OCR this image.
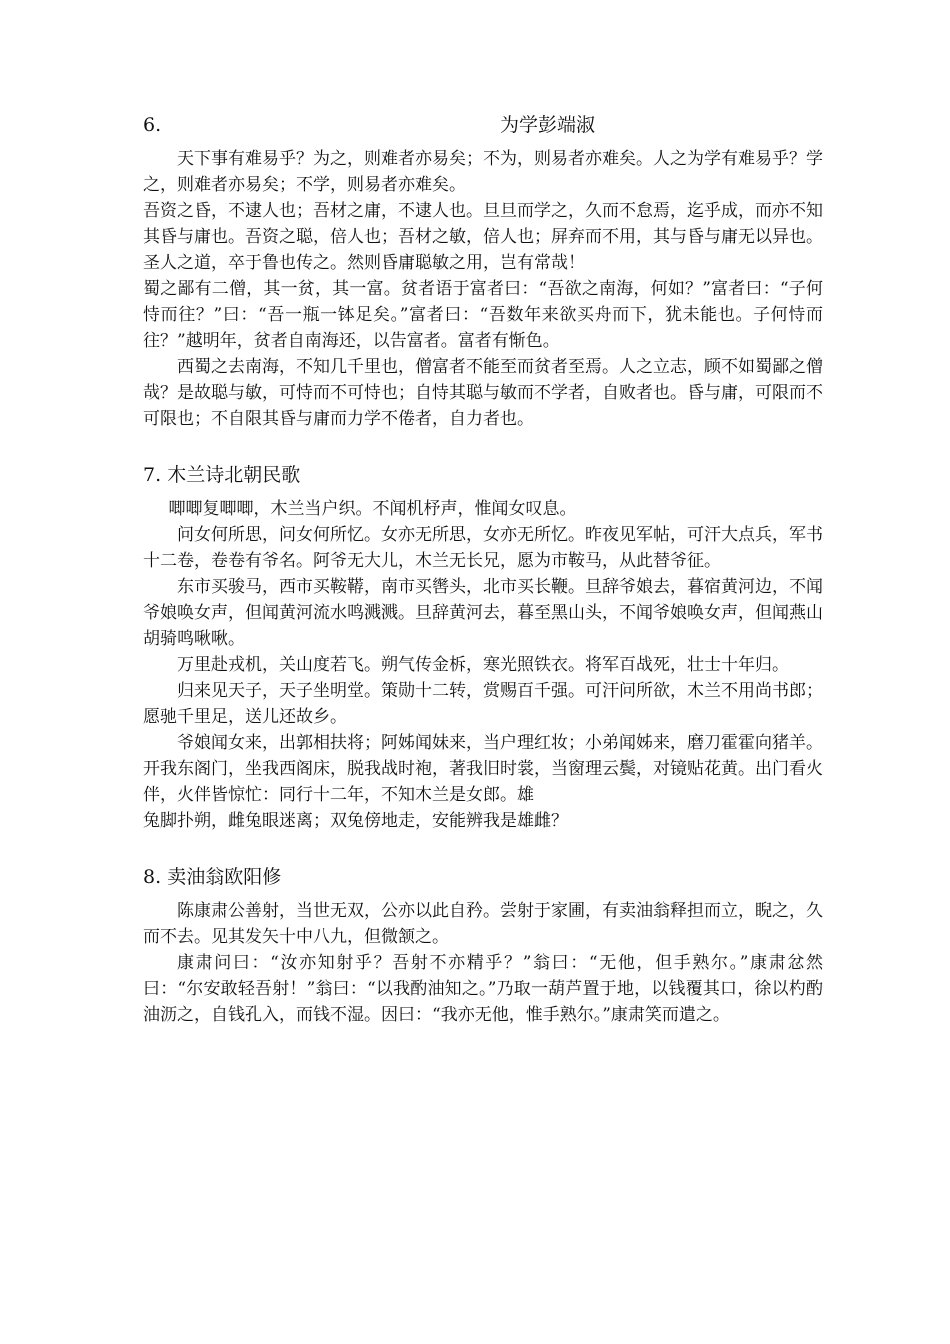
6.	为学彭端淑

天下事有难易乎？为之，则难者亦易矣；不为，则易者亦难矣。人之为学有难易乎？学之，则难者亦易矣；不学，则易者亦难矣。

吾资之昏，不逮人也；吾材之庸，不逮人也。旦旦而学之，久而不怠焉，迄乎成，而亦不知其昏与庸也。吾资之聪，倍人也；吾材之敏，倍人也；屏弃而不用，其与昏与庸无以异也。圣人之道，卒于鲁也传之。然则昏庸聪敏之用，岂有常哉！

蜀之鄙有二僧，其一贫，其一富。贫者语于富者曰：“吾欲之南海，何如？”富者曰：“子何恃而往？”曰：“吾一瓶一钵足矣。”富者曰：“吾数年来欲买舟而下，犹未能也。子何恃而往？”越明年，贫者自南海还，以告富者。富者有惭色。

西蜀之去南海，不知几千里也，僧富者不能至而贫者至焉。人之立志，顾不如蜀鄙之僧哉？是故聪与敏，可恃而不可恃也；自恃其聪与敏而不学者，自败者也。昏与庸，可限而不可限也；不自限其昏与庸而力学不倦者，自力者也。

7. 木兰诗北朝民歌

唧唧复唧唧，木兰当户织。不闻机杼声，惟闻女叹息。

问女何所思，问女何所忆。女亦无所思，女亦无所忆。昨夜见军帖，可汗大点兵，军书十二卷，卷卷有爷名。阿爷无大儿，木兰无长兄，愿为市鞍马，从此替爷征。

东市买骏马，西市买鞍鞯，南市买辔头，北市买长鞭。旦辞爷娘去，暮宿黄河边，不闻爷娘唤女声，但闻黄河流水鸣溅溅。旦辞黄河去，暮至黑山头，不闻爷娘唤女声，但闻燕山胡骑鸣啾啾。

万里赴戎机，关山度若飞。朔气传金柝，寒光照铁衣。将军百战死，壮士十年归。

归来见天子，天子坐明堂。策勋十二转，赏赐百千强。可汗问所欲，木兰不用尚书郎；愿驰千里足，送儿还故乡。

爷娘闻女来，出郭相扶将；阿姊闻妹来，当户理红妆；小弟闻姊来，磨刀霍霍向猪羊。开我东阁门，坐我西阁床，脱我战时袍，著我旧时裳，当窗理云鬓，对镜贴花黄。出门看火伴，火伴皆惊忙：同行十二年，不知木兰是女郎。雄

兔脚扑朔，雌兔眼迷离；双兔傍地走，安能辨我是雄雌？

8. 卖油翁欧阳修

陈康肃公善射，当世无双，公亦以此自矜。尝射于家圃，有卖油翁释担而立，睨之，久而不去。见其发矢十中八九，但微颔之。

康肃问曰：“汝亦知射乎？吾射不亦精乎？”翁曰：“无他，但手熟尔。”康肃忿然曰：“尔安敢轻吾射！”翁曰：“以我酌油知之。”乃取一葫芦置于地，以钱覆其口，徐以杓酌油沥之，自钱孔入，而钱不湿。因曰：“我亦无他，惟手熟尔。”康肃笑而遣之。
